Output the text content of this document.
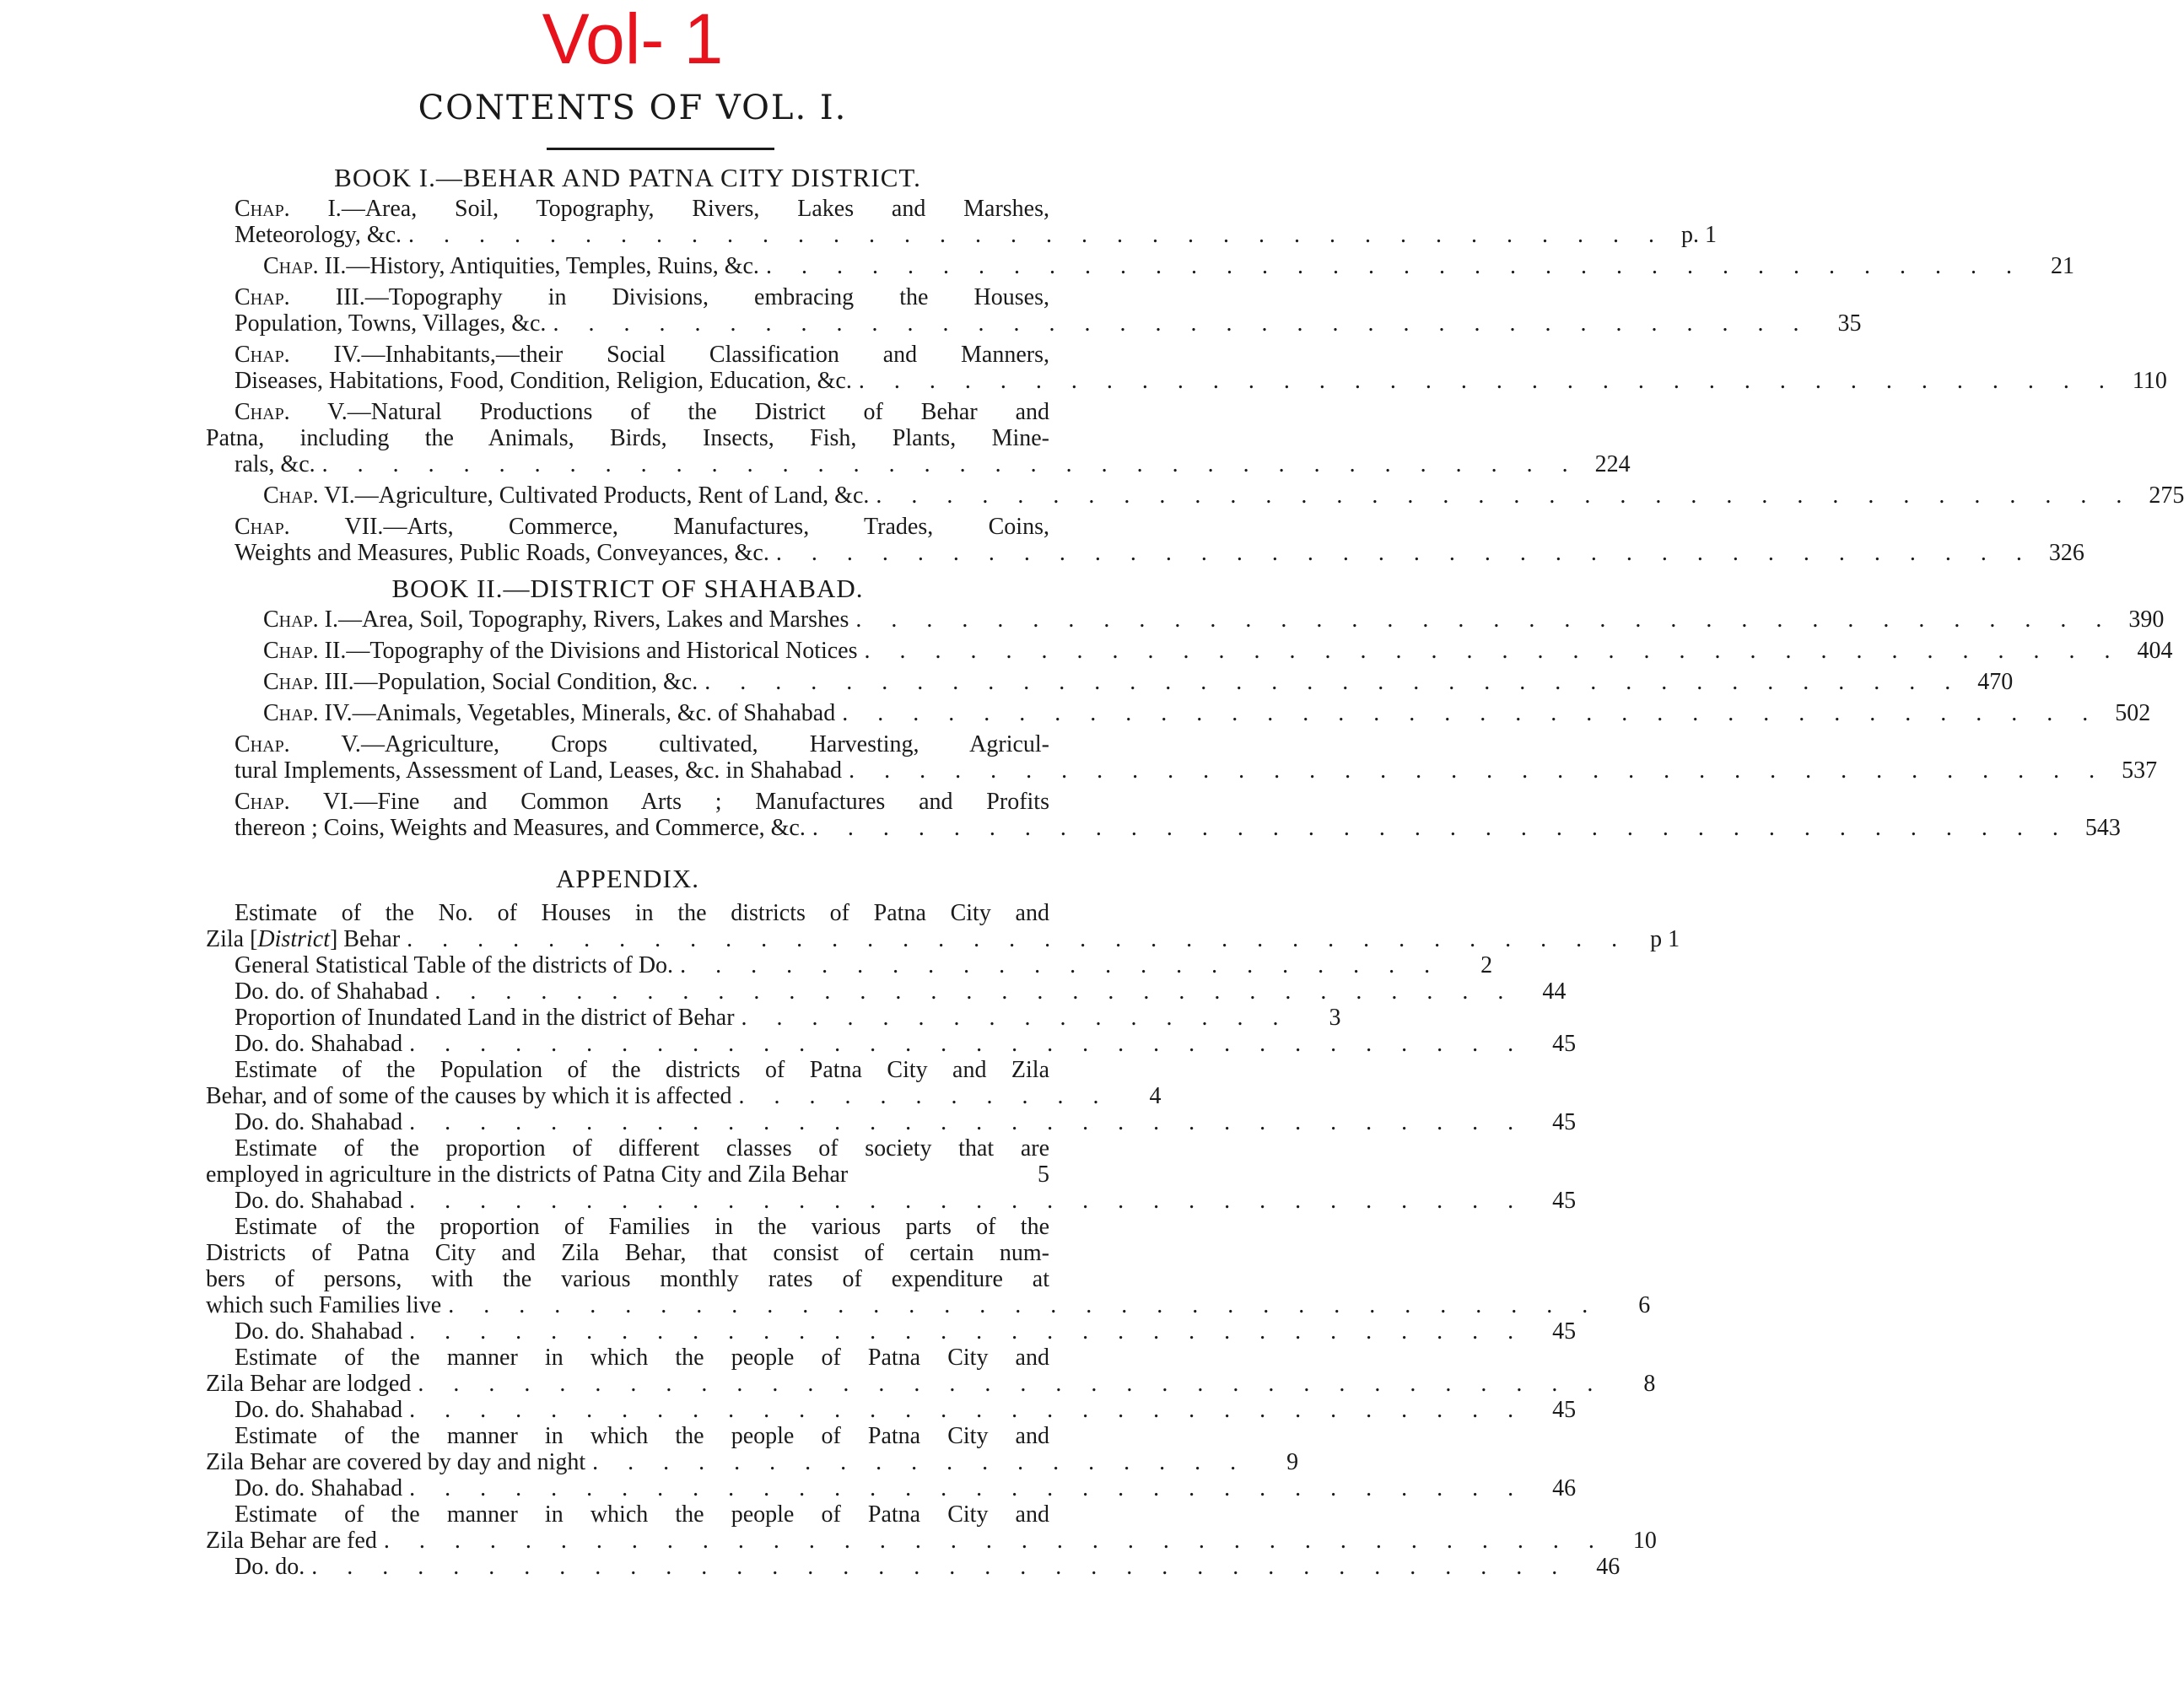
Vol- 1
CONTENTS OF VOL. I.
BOOK I.—BEHAR AND PATNA CITY DISTRICT.
Chap. I.—Area, Soil, Topography, Rivers, Lakes and Marshes,
Meteorology, &c. . . . . . . . . . . . . . . . . . . . . . . . . . . . . . . . . . . . . p. 1
Chap. II.—History, Antiquities, Temples, Ruins, &c. . . . . . . . . . . . . . . . . . . . . . . . . . . . . . . . . . . . .	21
Chap. III.—Topography in Divisions, embracing the Houses,
Population, Towns, Villages, &c. . . . . . . . . . . . . . . . . . . . . . . . . . . . . . . . . . . . .	35
Chap. IV.—Inhabitants,—their Social Classification and Manners,
Diseases, Habitations, Food, Condition, Religion, Education, &c. . . . . . . . . . . . . . . . . . . . . . . . . . . . . . . . . . . . . 110
Chap. V.—Natural Productions of the District of Behar and
Patna, including the Animals, Birds, Insects, Fish, Plants, Mine-
rals, &c. . . . . . . . . . . . . . . . . . . . . . . . . . . . . . . . . . . . . 224
Chap. VI.—Agriculture, Cultivated Products, Rent of Land, &c. . . . . . . . . . . . . . . . . . . . . . . . . . . . . . . . . . . . . 275
Chap. VII.—Arts, Commerce, Manufactures, Trades, Coins,
Weights and Measures, Public Roads, Conveyances, &c. . . . . . . . . . . . . . . . . . . . . . . . . . . . . . . . . . . . . 326
BOOK II.—DISTRICT OF SHAHABAD.
Chap. I.—Area, Soil, Topography, Rivers, Lakes and Marshes . . . . . . . . . . . . . . . . . . . . . . . . . . . . . . . . . . . . 390
Chap. II.—Topography of the Divisions and Historical Notices . . . . . . . . . . . . . . . . . . . . . . . . . . . . . . . . . . . . 404
Chap. III.—Population, Social Condition, &c. . . . . . . . . . . . . . . . . . . . . . . . . . . . . . . . . . . . . 470
Chap. IV.—Animals, Vegetables, Minerals, &c. of Shahabad . . . . . . . . . . . . . . . . . . . . . . . . . . . . . . . . . . . . 502
Chap. V.—Agriculture, Crops cultivated, Harvesting, Agricul-
tural Implements, Assessment of Land, Leases, &c. in Shahabad . . . . . . . . . . . . . . . . . . . . . . . . . . . . . . . . . . . . 537
Chap. VI.—Fine and Common Arts ; Manufactures and Profits
thereon ; Coins, Weights and Measures, and Commerce, &c. . . . . . . . . . . . . . . . . . . . . . . . . . . . . . . . . . . . . 543
APPENDIX.
Estimate of the No. of Houses in the districts of Patna City and
Zila [District] Behar . . . . . . . . . . . . . . . . . . . . . . . . . . . . . . . . . . . p 1
General Statistical Table of the districts of Do. . . . . . . . . . . . . . . . . . . . . . .	2
Do. do. of Shahabad . . . . . . . . . . . . . . . . . . . . . . . . . . . . . . .	44
Proportion of Inundated Land in the district of Behar . . . . . . . . . . . . . . . .	3
Do. do. Shahabad . . . . . . . . . . . . . . . . . . . . . . . . . . . . . . . .	45
Estimate of the Population of the districts of Patna City and Zila
Behar, and of some of the causes by which it is affected . . . . . . . . . . .	4
Do. do. Shahabad . . . . . . . . . . . . . . . . . . . . . . . . . . . . . . . .	45
Estimate of the proportion of different classes of society that are
employed in agriculture in the districts of Patna City and Zila Behar	5
Do. do. Shahabad . . . . . . . . . . . . . . . . . . . . . . . . . . . . . . . .	45
Estimate of the proportion of Families in the various parts of the
Districts of Patna City and Zila Behar, that consist of certain num-
bers of persons, with the various monthly rates of expenditure at
which such Families live . . . . . . . . . . . . . . . . . . . . . . . . . . . . . . . . .	6
Do. do. Shahabad . . . . . . . . . . . . . . . . . . . . . . . . . . . . . . . .	45
Estimate of the manner in which the people of Patna City and
Zila Behar are lodged . . . . . . . . . . . . . . . . . . . . . . . . . . . . . . . . . .	8
Do. do. Shahabad . . . . . . . . . . . . . . . . . . . . . . . . . . . . . . . .	45
Estimate of the manner in which the people of Patna City and
Zila Behar are covered by day and night . . . . . . . . . . . . . . . . . . .	9
Do. do. Shahabad . . . . . . . . . . . . . . . . . . . . . . . . . . . . . . . .	46
Estimate of the manner in which the people of Patna City and
Zila Behar are fed . . . . . . . . . . . . . . . . . . . . . . . . . . . . . . . . . . .	10
Do. do. . . . . . . . . . . . . . . . . . . . . . . . . . . . . . . . . . . . .	46
